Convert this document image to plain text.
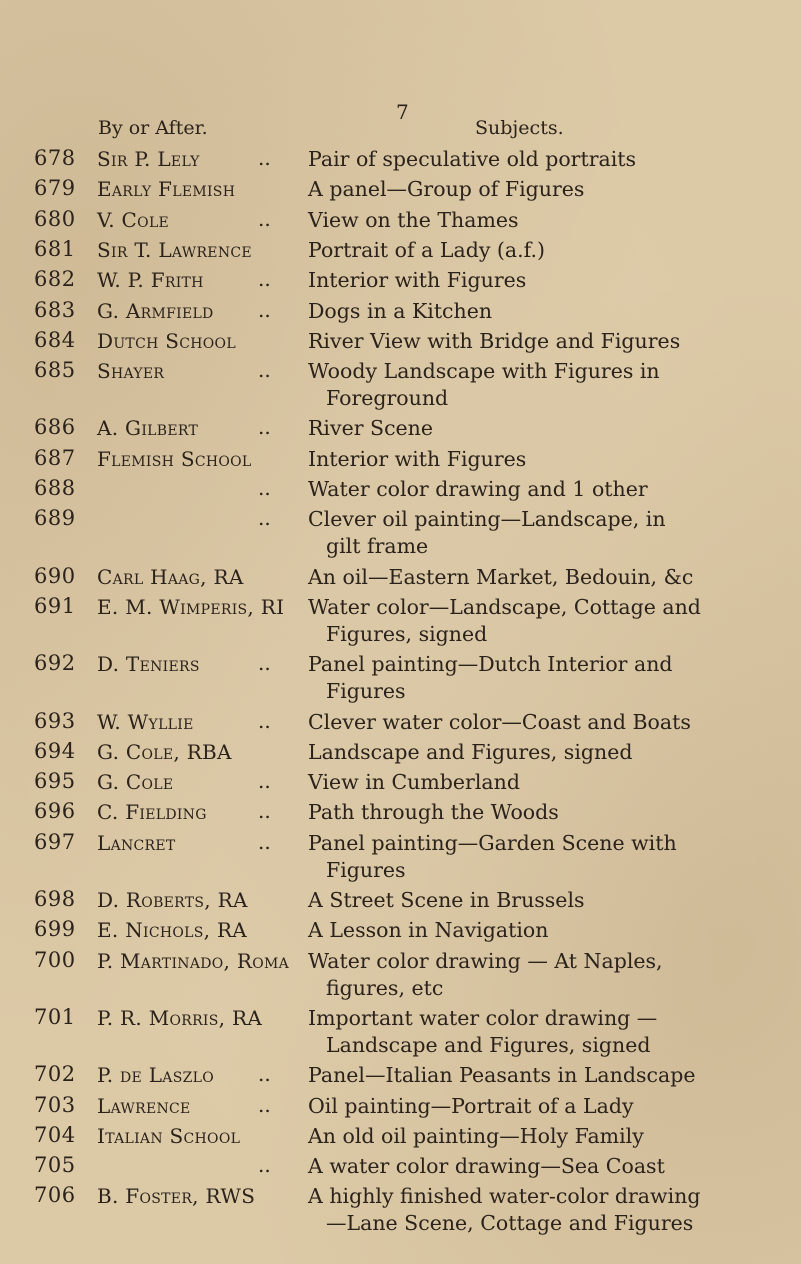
7
By or After.	Subjects.
678 Sir P. Lely	.. Pair of speculative old portraits
679 Early Flemish	A panel—Group of Figures
680 V. Cole	.. View on the Thames
681 Sir T. Lawrence	Portrait of a Lady (a.f.)
682 W. P. Frith	.. Interior with Figures
683 G. Armfield	.. Dogs in a Kitchen
684 Dutch School	River View with Bridge and Figures
685 Shayer	.. Woody Landscape with Figures in
Foreground
686 A. Gilbert	.. River Scene
687 Flemish School	Interior with Figures
688	.. Water color drawing and 1 other
689	.. Clever oil painting—Landscape, in
gilt frame
690 Carl Haag, RA	An oil—Eastern Market, Bedouin, &c
691 E. M. Wimperis, RI	Water color—Landscape, Cottage and
Figures, signed
692 D. Teniers	.. Panel painting—Dutch Interior and
Figures
693 W. Wyllie	.. Clever water color—Coast and Boats
694 G. Cole, RBA	Landscape and Figures, signed
695 G. Cole	.. View in Cumberland
696 C. Fielding	.. Path through the Woods
697 Lancret	.. Panel painting—Garden Scene with
Figures
698 D. Roberts, RA	A Street Scene in Brussels
699 E. Nichols, RA	A Lesson in Navigation
700 P. Martinado, Roma Water color drawing — At Naples,
figures, etc
701 P. R. Morris, RA	Important water color drawing —
Landscape and Figures, signed
702 P. de Laszlo	.. Panel—Italian Peasants in Landscape
703 Lawrence	.. Oil painting—Portrait of a Lady
704 Italian School	An old oil painting—Holy Family
705	.. A water color drawing—Sea Coast
706 B. Foster, RWS	A highly finished water-color drawing
—Lane Scene, Cottage and Figures
